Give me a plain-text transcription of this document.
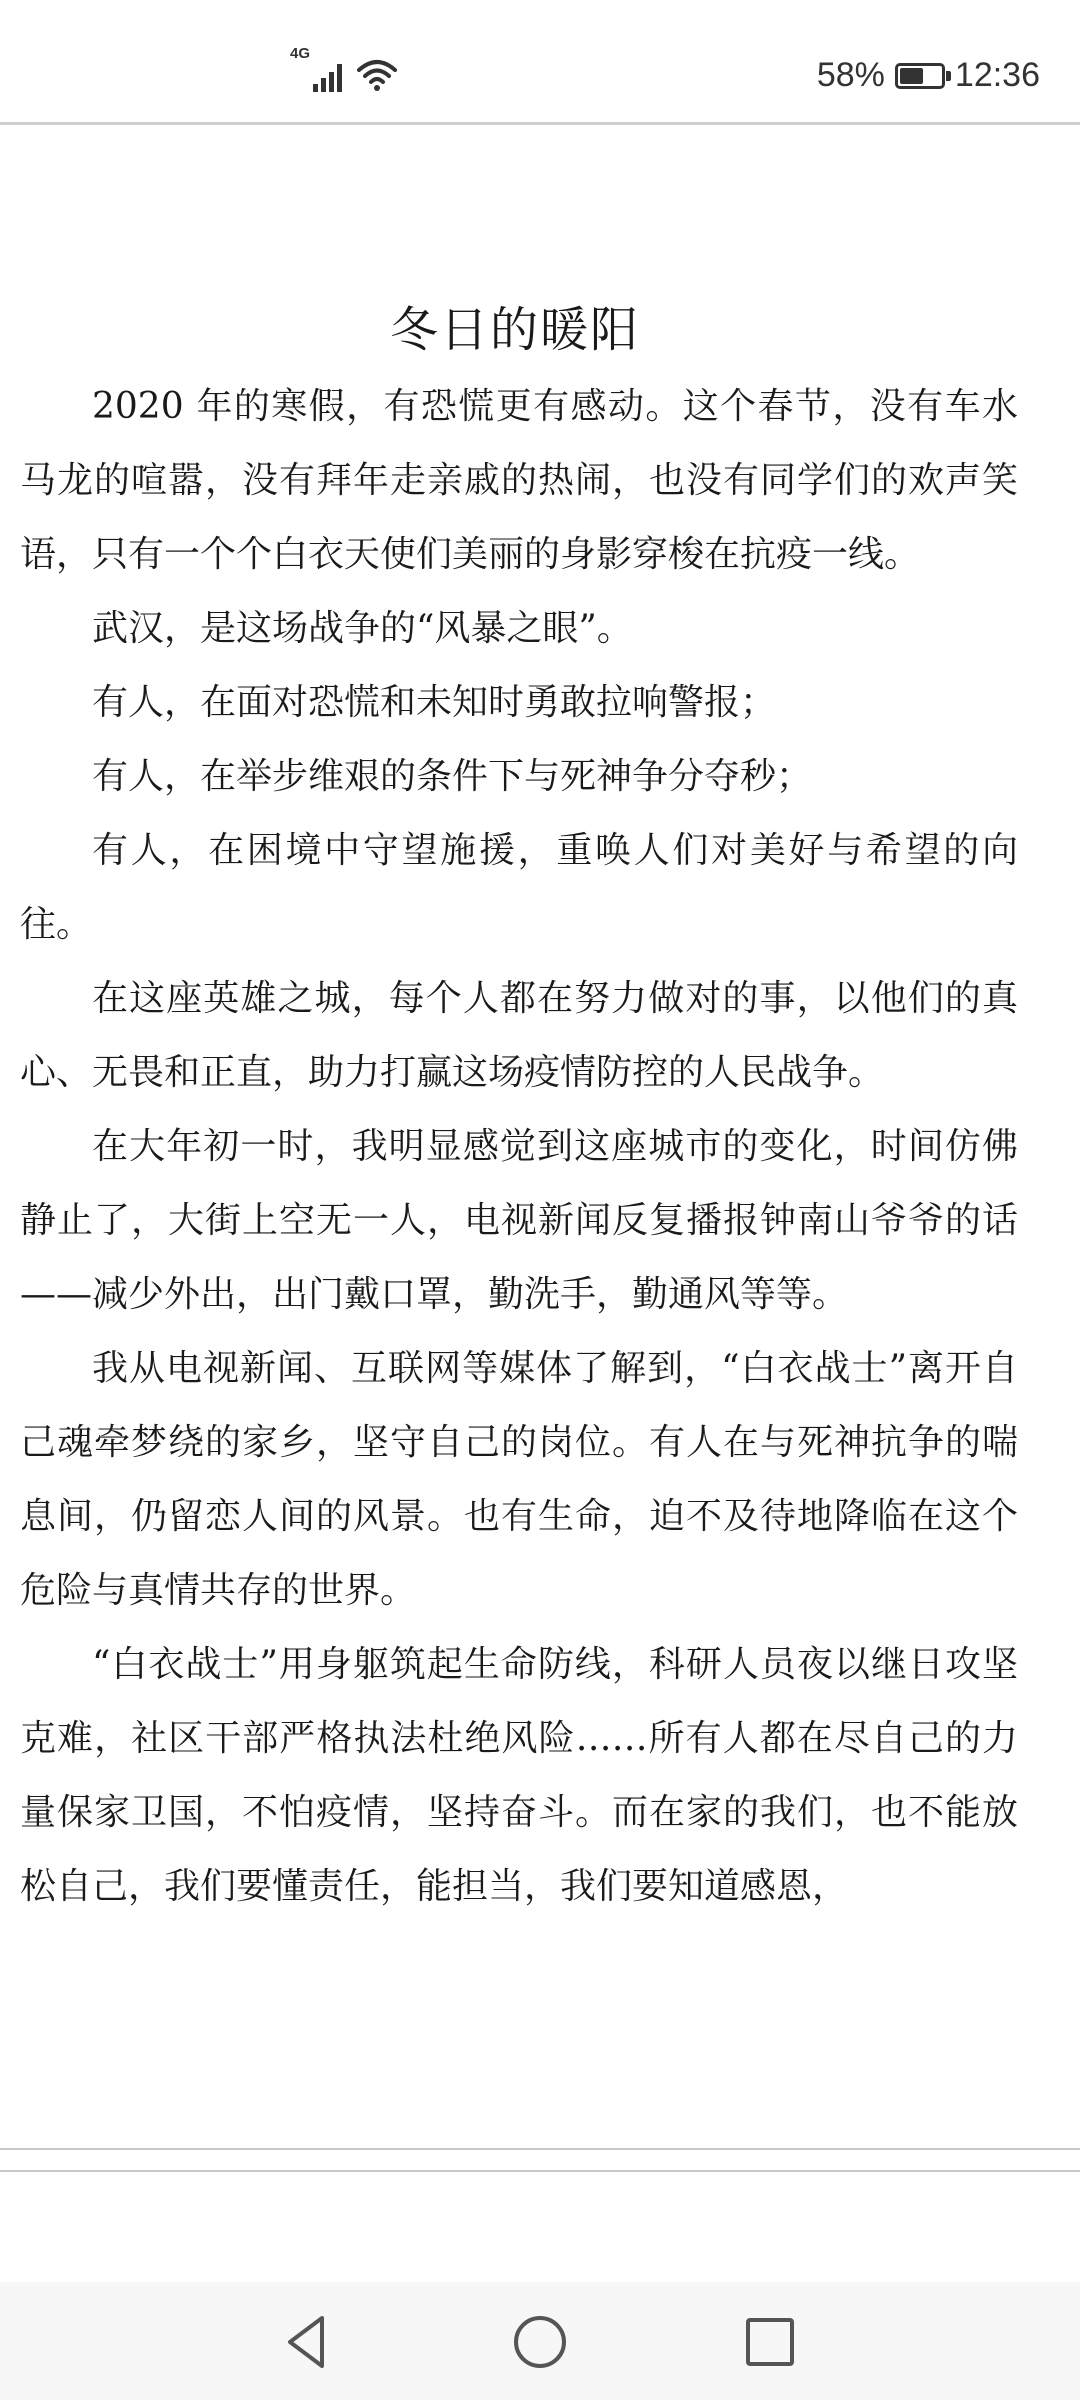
4G
58% 12:36
冬日的暖阳

2020 年的寒假，有恐慌更有感动。这个春节，没有车水马龙的喧嚣，没有拜年走亲戚的热闹，也没有同学们的欢声笑语，只有一个个白衣天使们美丽的身影穿梭在抗疫一线。

武汉，是这场战争的“风暴之眼”。

有人，在面对恐慌和未知时勇敢拉响警报；

有人，在举步维艰的条件下与死神争分夺秒；

有人，在困境中守望施援，重唤人们对美好与希望的向往。

在这座英雄之城，每个人都在努力做对的事，以他们的真心、无畏和正直，助力打赢这场疫情防控的人民战争。

在大年初一时，我明显感觉到这座城市的变化，时间仿佛静止了，大街上空无一人，电视新闻反复播报钟南山爷爷的话——减少外出，出门戴口罩，勤洗手，勤通风等等。

我从电视新闻、互联网等媒体了解到，“白衣战士”离开自己魂牵梦绕的家乡，坚守自己的岗位。有人在与死神抗争的喘息间，仍留恋人间的风景。也有生命，迫不及待地降临在这个危险与真情共存的世界。

“白衣战士”用身躯筑起生命防线，科研人员夜以继日攻坚克难，社区干部严格执法杜绝风险……所有人都在尽自己的力量保家卫国，不怕疫情，坚持奋斗。而在家的我们，也不能放松自己，我们要懂责任，能担当，我们要知道感恩，
